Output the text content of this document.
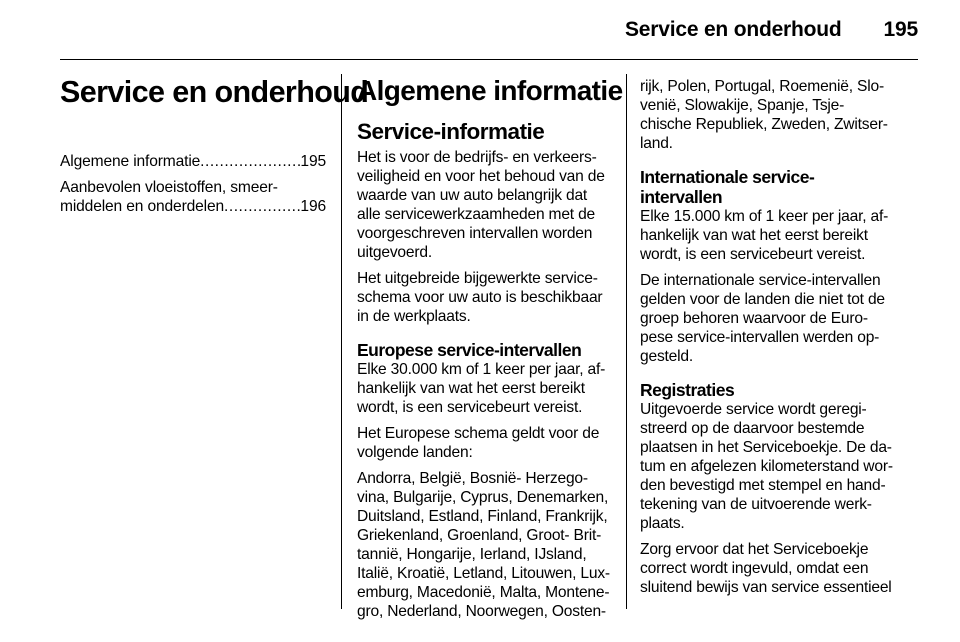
Service en onderhoud 195
Service en onderhoud
Algemene informatie .....	195
Aanbevolen vloeistoffen, smeer-
middelen en onderdelen .....	196
Algemene informatie
Service-informatie
Het is voor de bedrijfs- en verkeers-
veiligheid en voor het behoud van de
waarde van uw auto belangrijk dat
alle servicewerkzaamheden met de
voorgeschreven intervallen worden
uitgevoerd.
Het uitgebreide bijgewerkte service-
schema voor uw auto is beschikbaar
in de werkplaats.
Europese service-intervallen
Elke 30.000 km of 1 keer per jaar, af-
hankelijk van wat het eerst bereikt
wordt, is een servicebeurt vereist.
Het Europese schema geldt voor de
volgende landen:
Andorra, België, Bosnië- Herzego-
vina, Bulgarije, Cyprus, Denemarken,
Duitsland, Estland, Finland, Frankrijk,
Griekenland, Groenland, Groot- Brit-
tannië, Hongarije, Ierland, IJsland,
Italië, Kroatië, Letland, Litouwen, Lux-
emburg, Macedonië, Malta, Montene-
gro, Nederland, Noorwegen, Oosten-
rijk, Polen, Portugal, Roemenië, Slo-
venië, Slowakije, Spanje, Tsje-
chische Republiek, Zweden, Zwitser-
land.
Internationale service-
intervallen
Elke 15.000 km of 1 keer per jaar, af-
hankelijk van wat het eerst bereikt
wordt, is een servicebeurt vereist.
De internationale service-intervallen
gelden voor de landen die niet tot de
groep behoren waarvoor de Euro-
pese service-intervallen werden op-
gesteld.
Registraties
Uitgevoerde service wordt geregi-
streerd op de daarvoor bestemde
plaatsen in het Serviceboekje. De da-
tum en afgelezen kilometerstand wor-
den bevestigd met stempel en hand-
tekening van de uitvoerende werk-
plaats.
Zorg ervoor dat het Serviceboekje
correct wordt ingevuld, omdat een
sluitend bewijs van service essentieel
